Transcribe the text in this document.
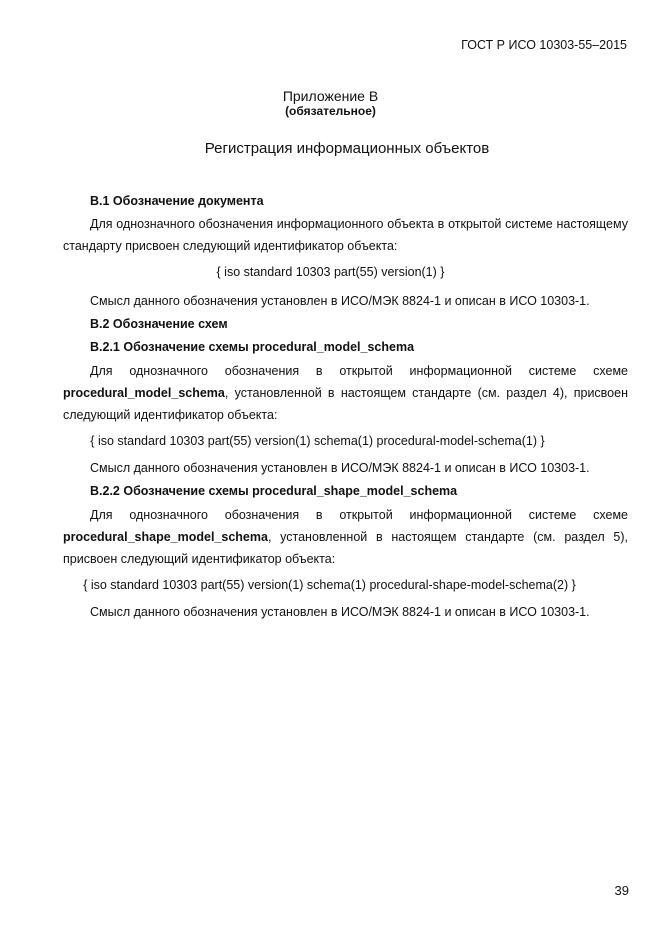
ГОСТ Р ИСО 10303-55–2015
Приложение В
(обязательное)
Регистрация информационных объектов
В.1 Обозначение документа

Для однозначного обозначения информационного объекта в открытой системе настоящему стандарту присвоен следующий идентификатор объекта:

{ iso standard 10303 part(55) version(1) }
Смысл данного обозначения установлен в ИСО/МЭК 8824-1 и описан в ИСО 10303-1.
В.2 Обозначение схем
В.2.1 Обозначение схемы procedural_model_schema

Для однозначного обозначения в открытой информационной системе схеме procedural_model_schema, установленной в настоящем стандарте (см. раздел 4), присвоен следующий идентификатор объекта:

{ iso standard 10303 part(55) version(1) schema(1) procedural-model-schema(1) }
Смысл данного обозначения установлен в ИСО/МЭК 8824-1 и описан в ИСО 10303-1.
В.2.2 Обозначение схемы procedural_shape_model_schema

Для однозначного обозначения в открытой информационной системе схеме procedural_shape_model_schema, установленной в настоящем стандарте (см. раздел 5), присвоен следующий идентификатор объекта:

{ iso standard 10303 part(55) version(1) schema(1) procedural-shape-model-schema(2) }
Смысл данного обозначения установлен в ИСО/МЭК 8824-1 и описан в ИСО 10303-1.
39
